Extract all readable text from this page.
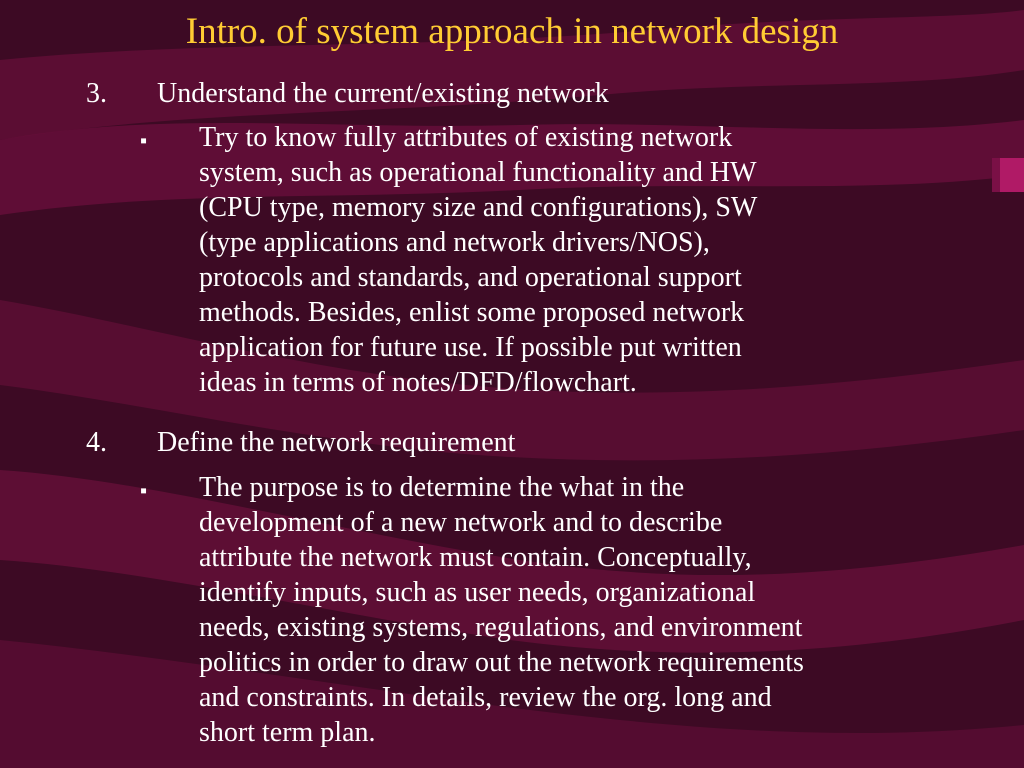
Intro. of system approach in network design
3. Understand the current/existing network
▪ Try to know fully attributes of existing network
system, such as operational functionality and HW
(CPU type, memory size and configurations), SW
(type applications and network drivers/NOS),
protocols and standards, and operational support
methods. Besides, enlist some proposed network
application for future use. If possible put written
ideas in terms of notes/DFD/flowchart.
4. Define the network requirement
▪ The purpose is to determine the what in the
development of a new network and to describe
attribute the network must contain. Conceptually,
identify inputs, such as user needs, organizational
needs, existing systems, regulations, and environment
politics in order to draw out the network requirements
and constraints. In details, review the org. long and
short term plan.
